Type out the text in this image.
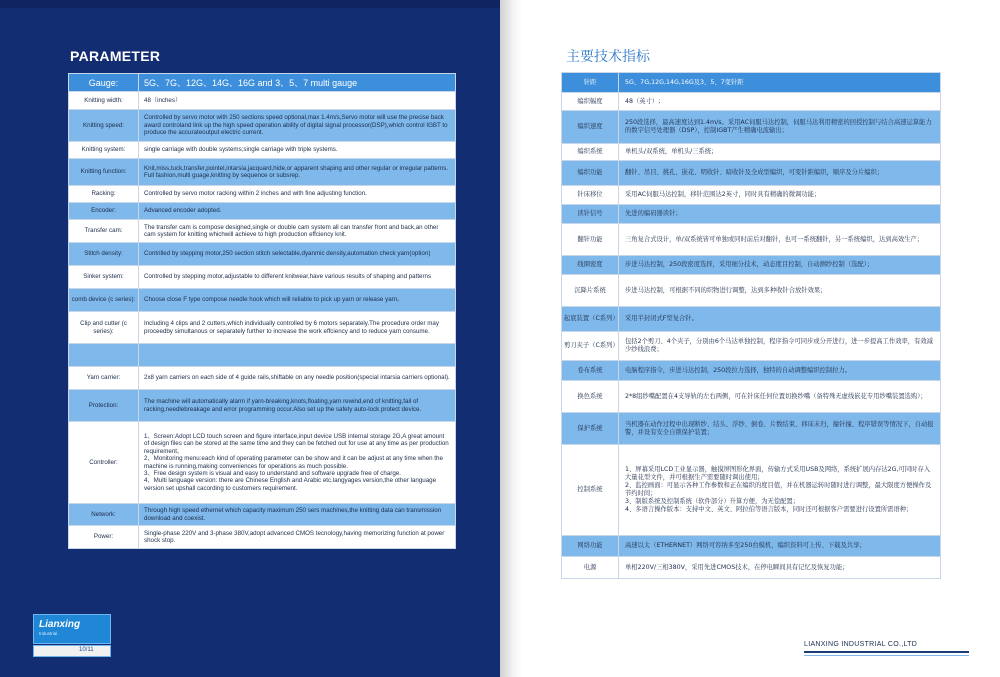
PARAMETER
Gauge:	5G、7G、12G、14G、16G and 3、5、7 multi gauge
Knitting width:	48（inches）
Knitting speed:	Controlled by servo motor with 250 sections speed optional,max 1.4m/s,Servo motor will use the precise back award controland link up the high speed operation ability of digital signal processor(DSP),which control IGBT to produce the accurateoutput electric current.
Knitting system:	single carriage with double systems;single carriage with triple systems.
Knitting function:	Knit,miss,tuck,transfer,pointel,intarsia,jacquard,hide,or apparent shaping and other regular or irregular patterns. Full fashion,multi guage,knitting by sequence or subsrep.
Racking:	Controlled by servo motor racking within 2 inches and with fine adjusting function.
Encoder:	Advanced encoder adopted.
Transfer cam:	The transfer cam is compose designed,single or double cam system all can transfer front and back,an other cam system for knitting whichwill achieve to high production effciency knit.
Stitch density:	Contrilled by stepping motor,250 section stitch selectable,dyanmic density,automation check yarn(option)
Sinker system:	Controlled by stepping motor,adjustable to different knitwear,have various results of shaping and patterns
comb device (c series):	Choose close F type compose needle hook which will reliable to pick up yarn or release yarn。
Clip and cutter (c series):	Including 4 clips and 2 cutters,which individually controlled by 6 motors separately.The procedure order may proceedby simultanous or separately further to increase the work effciency and to reduce yarn consume.

Yarn carrier:	2x8 yarn carriers on each side of 4 guide rails,shiftable on any needle position(special intarsia carriers optional).
Protection:	The machine will automatically alarm if yarn-breaking,knots,floating,yarn rewind,end of knitting,fail of racking,needlebreakage and error programming occur.Also set up the safety auto-lock protect device.
Controller:	1、Screen:Adopt LCD touch screen and figure interface,input device USB internal storage 2G,A great amount of design files can be stored at the same time and they can be fetched out for use at any time as per production requirement。
2、Monitoring menu:each kind of operating parameter can be show and it can be adjust at any time when the machine is running,making conveniences for operations as much possible.
3、Free design system is visual and easy to understand and software upgrade free of charge.
4、Multi language version: there are Chinese English and Arabic etc.langyages version,the other language version set upshall cacording to customers requirement.
Network:	Through high speed ethernet which capacity maximum 250 sers machines,the knitting data can transmission download and coexist.
Power:	Single-phase 220V and 3-phase 380V,adopt advanced CMOS tecnology,having memorizing function at power shock stop.
Lianxing
Industrial
10/11
主要技术指标
针距	5G、7G,12G,14G,16G及3、5、7变针距
编织幅度	48（英寸）;
编织速度	250段选择，最高速度达到1.4m/s。采用AC伺服马达控制，伺服马达利用精密的回授控制与结合高速运算能力的数字信号处理器（DSP），控制IGBT产生精确电流输出；
编织系统	单机头/双系统，单机头/三系统；
编织功能	翻针、吊目、挑孔、嵌花、明收针、暗收针及全成型编织，可变针距编织，顺序及分片编织；
针床移位	采用AC伺服马达控制，移针范围达2英寸，同时具有精确的微调功能；
读针信号	先进的编码器读针；
翻针功能	三角复合式设计，单/双系统皆可单独或同时前后对翻针，也可一系统翻针，另一系统编织，达到高效生产；
线圈密度	步进马达控制，250段密度选择，采用细分技术，动态度目控制，自动测纱控制（选配）；
沉降片系统	步进马达控制，可根据不同的织物进行调整，达到多种收针合放针效果；
起底装置（C系列）	采用半封闭式F型复合针。
剪刀夹子（C系列）	包括2个剪刀、4个夹子，分别由6个马达单独控制，程序指令可同步或分开进行，进一步提高工作效率，有效减少纱线浪费；
卷布系统	电脑程序指令，步进马达控制，250段拉力选择，独特的自动调整编织控制拉力。
换色系统	2*8组纱嘴配置在4支导轨的左右两侧，可在针床任何位置切换纱嘴（备特殊无虚线嵌花专用纱嘴装置选购）；
保护系统	当机器在动作过程中出现断纱、结头、浮纱、倒卷、片数结束、移床末归，撞针撞、程序错误等情况下，自动报警，并设有安全自锁保护装置；
控制系统	1、屏幕采用LCD工业显示器，触摸屏图形化界面，传输方式采用USB及网络，系统扩展内存达2G,可同时存入大量花型文件，并可根据生产需要随时调出使用；
2、监控画面：可显示各种工作参数和正在编织的度目值，并在机器运转时随时进行调整，最大限度方便操作及节约时间；
3、制版系统及控制系统（软件部分）升算方便，为无偿配置；
4、多语言操作版本：支持中文、英文、阿拉伯等语言版本，同时还可根据客户需要进行设置所需语种；
网络功能	高速以太（ETHERNET）网络可容纳多至250台模机，编织资料可上传、下载及共享；
电源	单相220V/三相380V，采用先进CMOS技术，在停电瞬间具有记忆及恢复功能；
LIANXING INDUSTRIAL CO.,LTD
